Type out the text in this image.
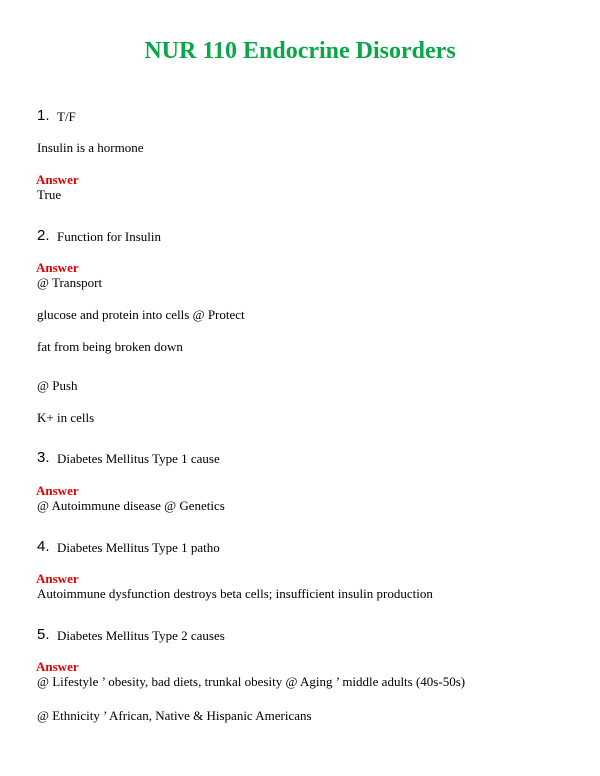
NUR 110 Endocrine Disorders
1. T/F
Insulin is a hormone
Answer
True
2. Function for Insulin
Answer
@ Transport
glucose and protein into cells @ Protect
fat from being broken down
@ Push
K+ in cells
3. Diabetes Mellitus Type 1 cause
Answer
@ Autoimmune disease @ Genetics
4. Diabetes Mellitus Type 1 patho
Answer
Autoimmune dysfunction destroys beta cells; insufficient insulin production
5. Diabetes Mellitus Type 2 causes
Answer
@ Lifestyle ’ obesity, bad diets, trunkal obesity @ Aging ’ middle adults (40s-50s)
@ Ethnicity ’ African, Native & Hispanic Americans
